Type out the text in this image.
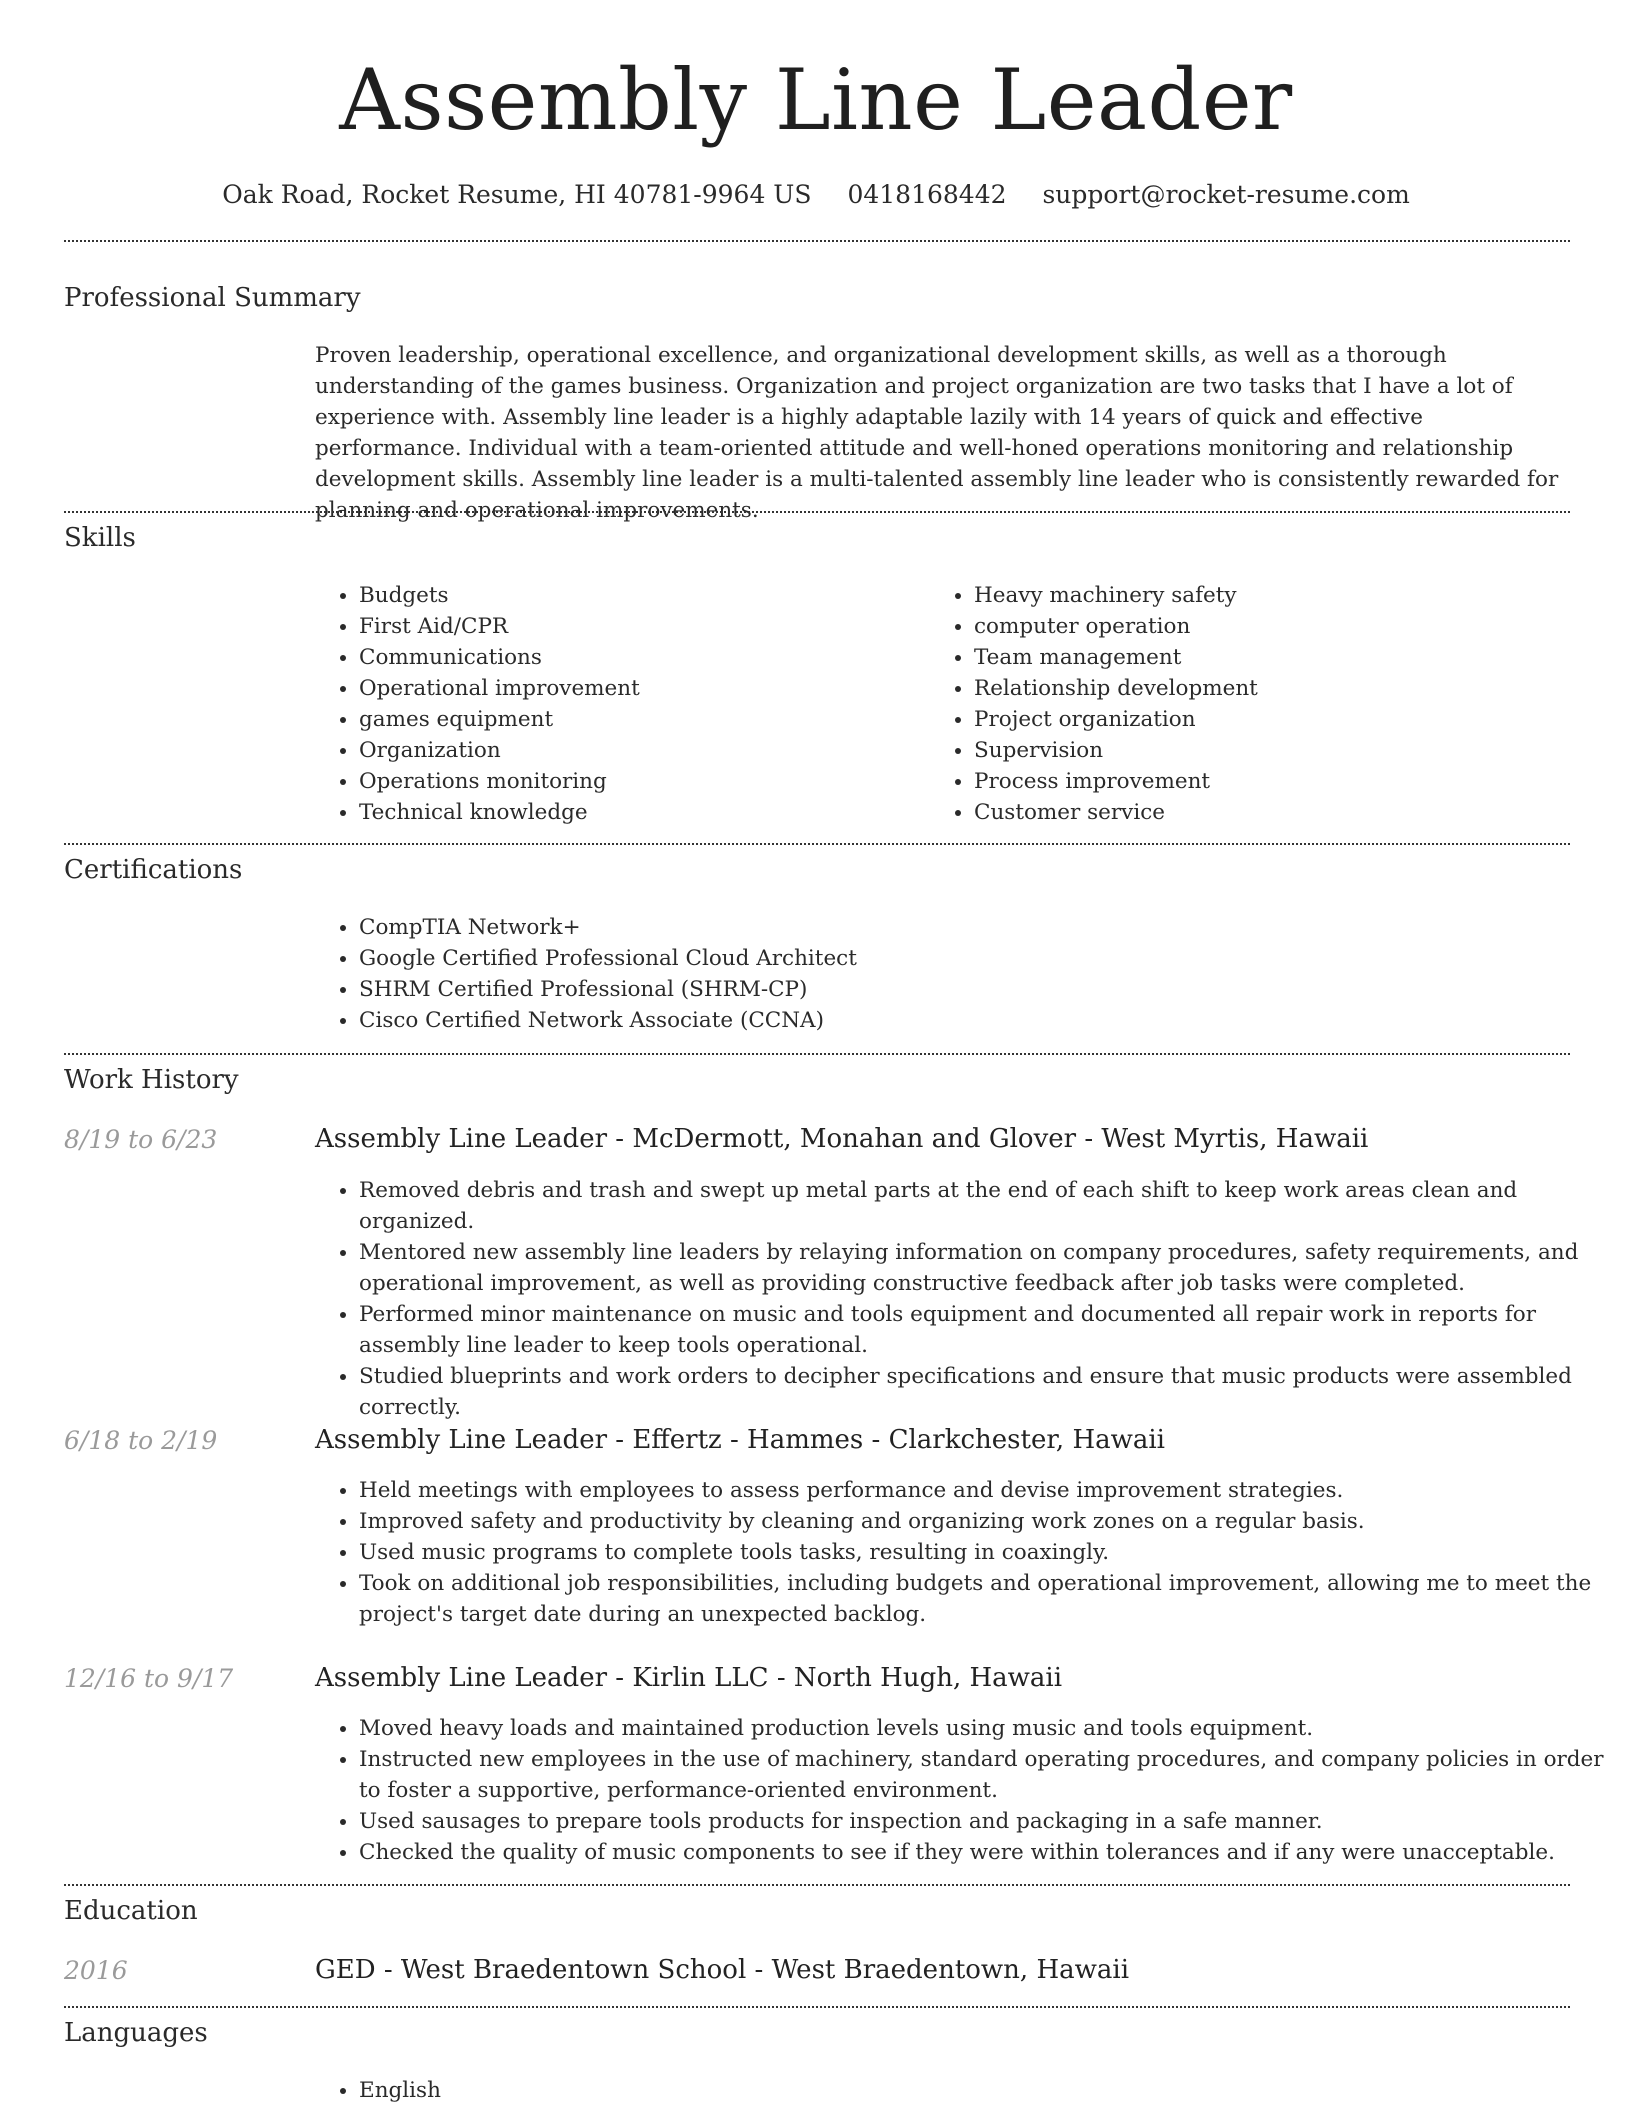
Assembly Line Leader
Oak Road, Rocket Resume, HI 40781-9964 US 0418168442 support@rocket-resume.com
Professional Summary

Proven leadership, operational excellence, and organizational development skills, as well as a thorough understanding of the games business. Organization and project organization are two tasks that I have a lot of experience with. Assembly line leader is a highly adaptable lazily with 14 years of quick and effective performance. Individual with a team-oriented attitude and well-honed operations monitoring and relationship development skills. Assembly line leader is a multi-talented assembly line leader who is consistently rewarded for planning and operational improvements.

Skills
• Budgets
• First Aid/CPR
• Communications
• Operational improvement
• games equipment
• Organization
• Operations monitoring
• Technical knowledge
• Heavy machinery safety
• computer operation
• Team management
• Relationship development
• Project organization
• Supervision
• Process improvement
• Customer service
Certifications
• CompTIA Network+
• Google Certified Professional Cloud Architect
• SHRM Certified Professional (SHRM-CP)
• Cisco Certified Network Associate (CCNA)
Work History
8/19 to 6/23	Assembly Line Leader - McDermott, Monahan and Glover - West Myrtis, Hawaii
• Removed debris and trash and swept up metal parts at the end of each shift to keep work areas clean and organized.
• Mentored new assembly line leaders by relaying information on company procedures, safety requirements, and operational improvement, as well as providing constructive feedback after job tasks were completed.
• Performed minor maintenance on music and tools equipment and documented all repair work in reports for assembly line leader to keep tools operational.
• Studied blueprints and work orders to decipher specifications and ensure that music products were assembled correctly.
6/18 to 2/19	Assembly Line Leader - Effertz - Hammes - Clarkchester, Hawaii
• Held meetings with employees to assess performance and devise improvement strategies.
• Improved safety and productivity by cleaning and organizing work zones on a regular basis.
• Used music programs to complete tools tasks, resulting in coaxingly.
• Took on additional job responsibilities, including budgets and operational improvement, allowing me to meet the project's target date during an unexpected backlog.
12/16 to 9/17	Assembly Line Leader - Kirlin LLC - North Hugh, Hawaii
• Moved heavy loads and maintained production levels using music and tools equipment.
• Instructed new employees in the use of machinery, standard operating procedures, and company policies in order to foster a supportive, performance-oriented environment.
• Used sausages to prepare tools products for inspection and packaging in a safe manner.
• Checked the quality of music components to see if they were within tolerances and if any were unacceptable.
Education
2016	GED - West Braedentown School - West Braedentown, Hawaii
Languages
• English
